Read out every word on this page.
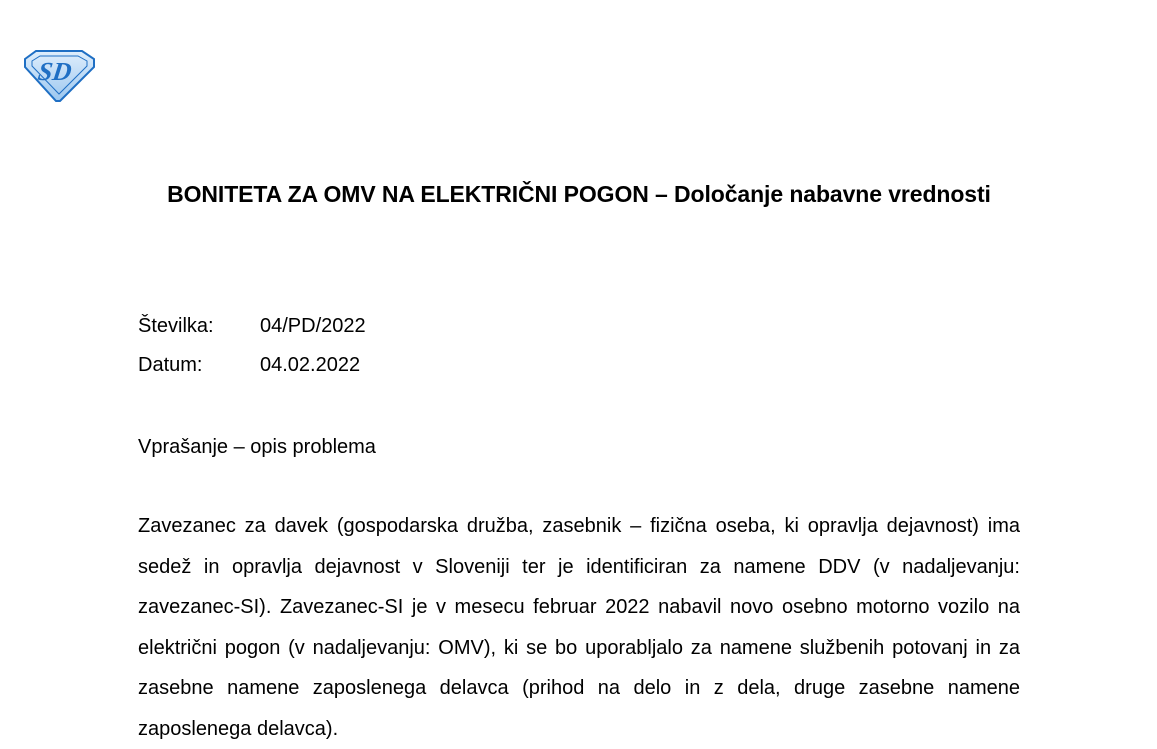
SD
BONITETA ZA OMV NA ELEKTRIČNI POGON – Določanje nabavne vrednosti
Številka: 04/PD/2022
Datum:	04.02.2022
Vprašanje – opis problema

Zavezanec za davek (gospodarska družba, zasebnik – fizična oseba, ki opravlja dejavnost) ima sedež in opravlja dejavnost v Sloveniji ter je identificiran za namene DDV (v nadaljevanju: zavezanec-SI). Zavezanec-SI je v mesecu februar 2022 nabavil novo osebno motorno vozilo na električni pogon (v nadaljevanju: OMV), ki se bo uporabljalo za namene službenih potovanj in za zasebne namene zaposlenega delavca (prihod na delo in z dela, druge zasebne namene zaposlenega delavca).
